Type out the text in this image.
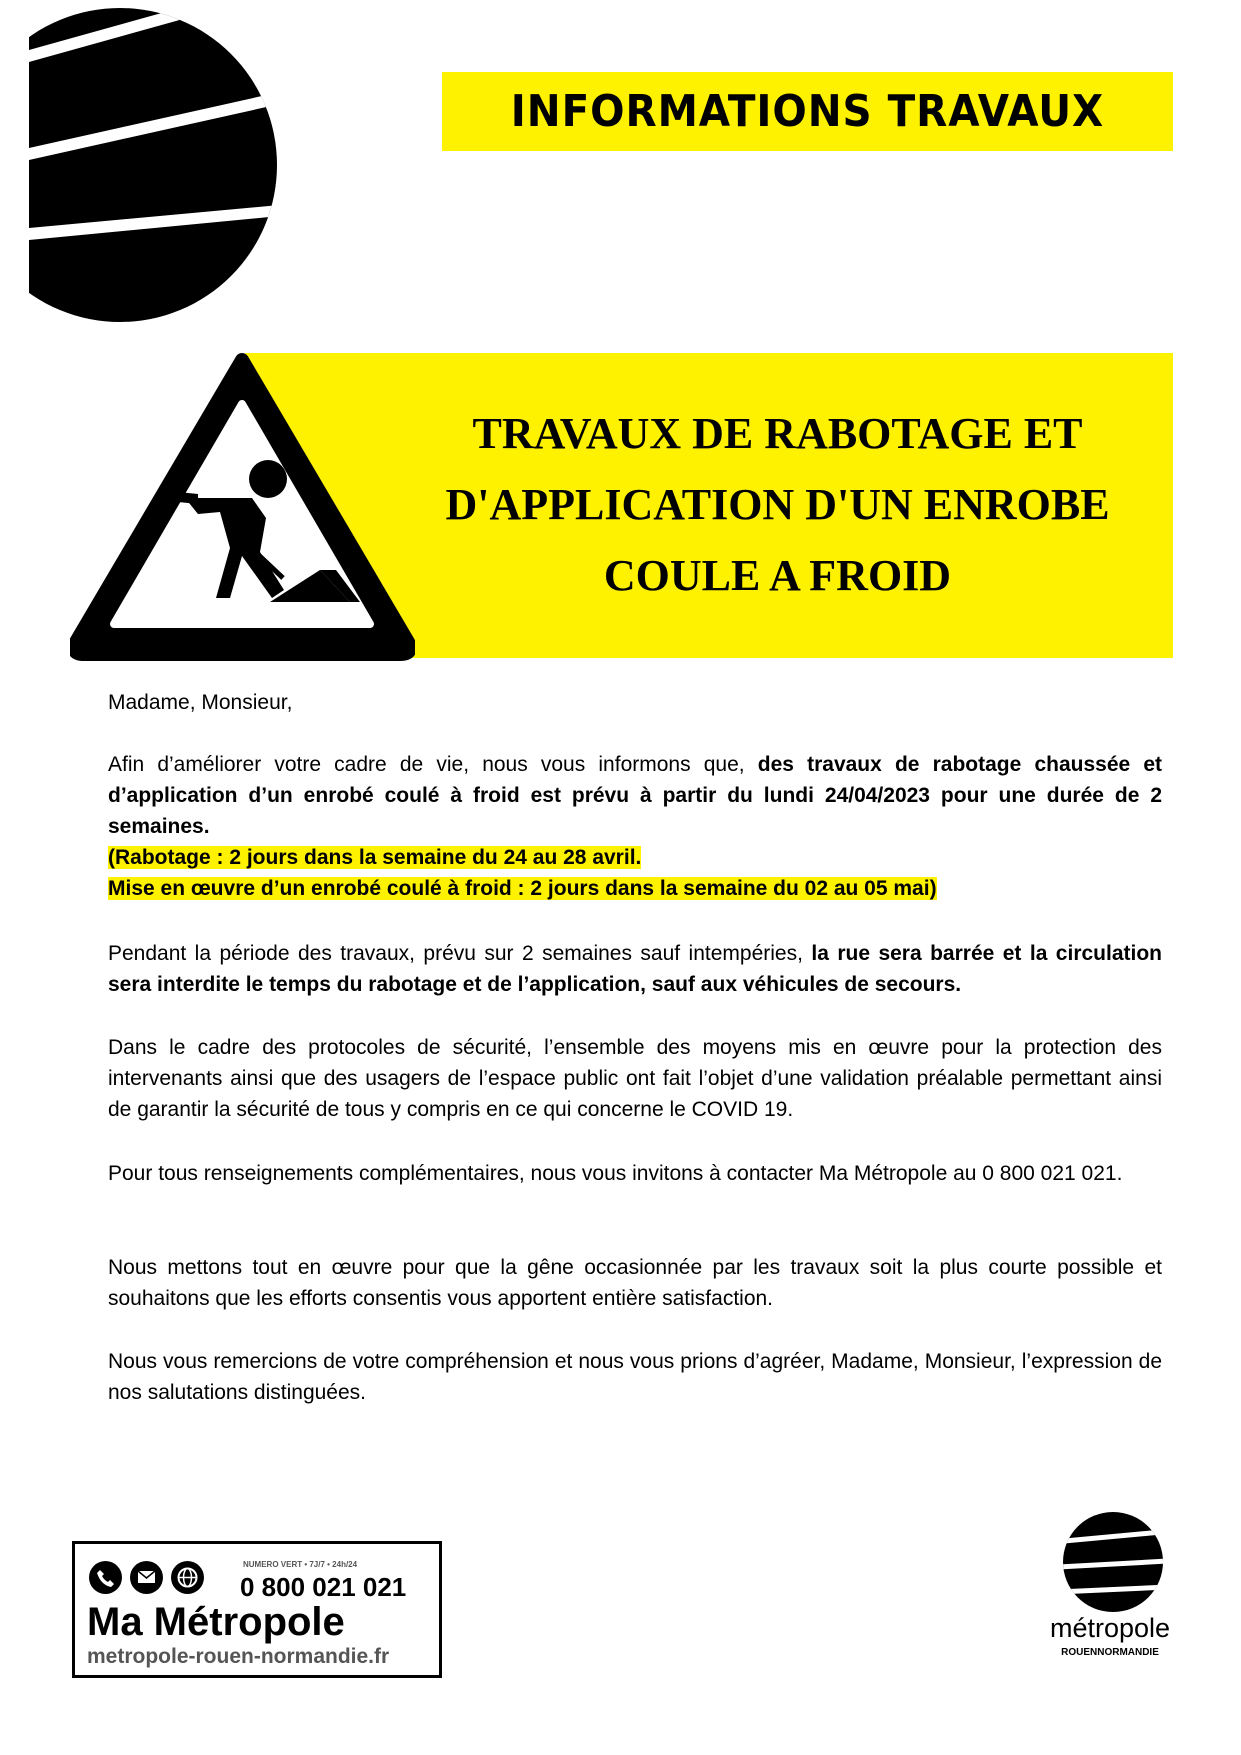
INFORMATIONS TRAVAUX
TRAVAUX DE RABOTAGE ET
D'APPLICATION D'UN ENROBE
COULE A FROID

Madame, Monsieur,

Afin d’améliorer votre cadre de vie, nous vous informons que, des travaux de rabotage chaussée et d’application d’un enrobé coulé à froid est prévu à partir du lundi 24/04/2023 pour une durée de 2 semaines.

(Rabotage : 2 jours dans la semaine du 24 au 28 avril.

Mise en œuvre d’un enrobé coulé à froid : 2 jours dans la semaine du 02 au 05 mai)

Pendant la période des travaux, prévu sur 2 semaines sauf intempéries, la rue sera barrée et la circulation sera interdite le temps du rabotage et de l’application, sauf aux véhicules de secours.

Dans le cadre des protocoles de sécurité, l’ensemble des moyens mis en œuvre pour la protection des intervenants ainsi que des usagers de l’espace public ont fait l’objet d’une validation préalable permettant ainsi de garantir la sécurité de tous y compris en ce qui concerne le COVID 19.

Pour tous renseignements complémentaires, nous vous invitons à contacter Ma Métropole au 0 800 021 021.

Nous mettons tout en œuvre pour que la gêne occasionnée par les travaux soit la plus courte possible et souhaitons que les efforts consentis vous apportent entière satisfaction.

Nous vous remercions de votre compréhension et nous vous prions d’agréer, Madame, Monsieur, l’expression de nos salutations distinguées.

NUMERO VERT • 7J/7 • 24h/24
0 800 021 021
Ma Métropole
metropole-rouen-normandie.fr
métropole
ROUENNORMANDIE
